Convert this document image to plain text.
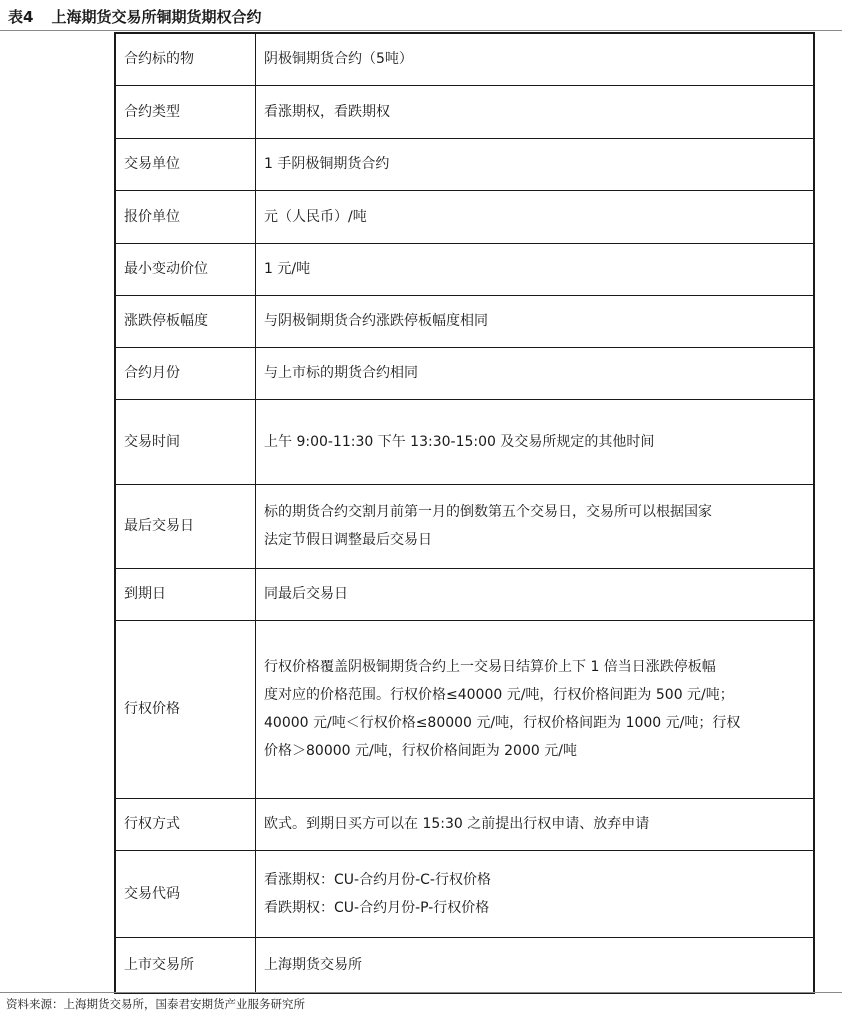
表4 上海期货交易所铜期货期权合约
合约标的物	阴极铜期货合约（5吨）

合约类型	看涨期权，看跌期权

交易单位	1 手阴极铜期货合约

报价单位	元（人民币）/吨

最小变动价位	1 元/吨

涨跌停板幅度	与阴极铜期货合约涨跌停板幅度相同

合约月份	与上市标的期货合约相同

交易时间	上午 9:00-11:30 下午 13:30-15:00 及交易所规定的其他时间

最后交易日	标的期货合约交割月前第一月的倒数第五个交易日，交易所可以根据国家
法定节假日调整最后交易日

到期日	同最后交易日

行权价格	行权价格覆盖阴极铜期货合约上一交易日结算价上下 1 倍当日涨跌停板幅
度对应的价格范围。行权价格≤40000 元/吨，行权价格间距为 500 元/吨；
40000 元/吨＜行权价格≤80000 元/吨，行权价格间距为 1000 元/吨；行权
价格＞80000 元/吨，行权价格间距为 2000 元/吨

行权方式	欧式。到期日买方可以在 15:30 之前提出行权申请、放弃申请

交易代码	看涨期权：CU-合约月份-C-行权价格
看跌期权：CU-合约月份-P-行权价格

上市交易所	上海期货交易所
资料来源：上海期货交易所，国泰君安期货产业服务研究所
